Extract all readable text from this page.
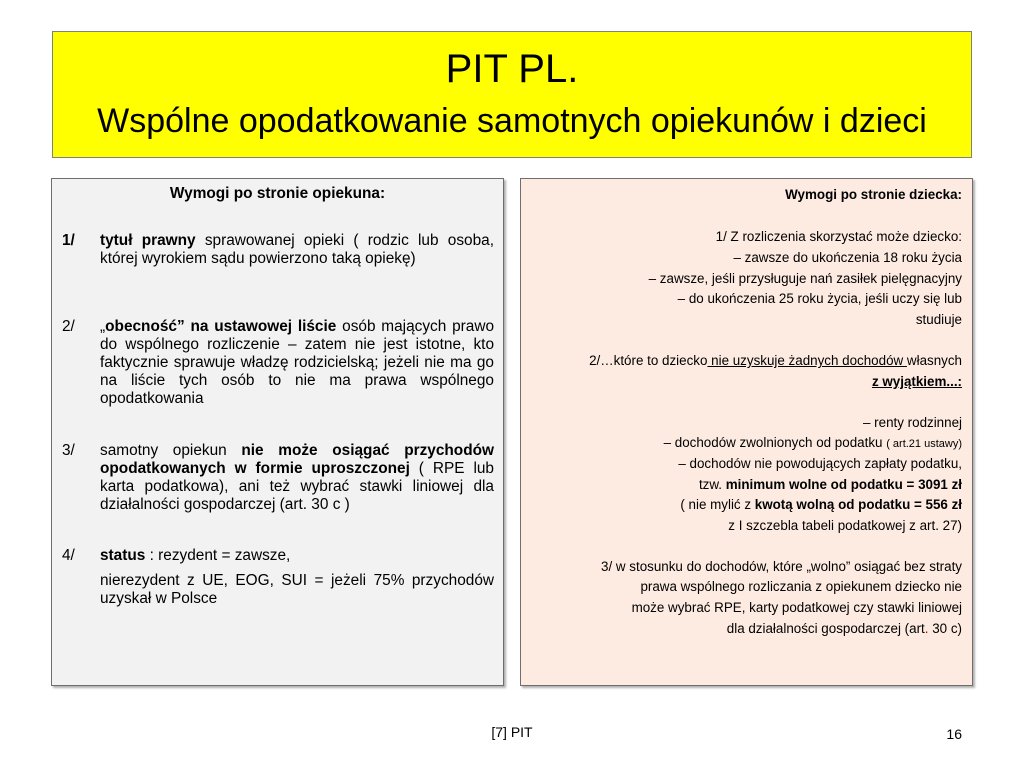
PIT PL.
Wspólne opodatkowanie samotnych opiekunów i dzieci
Wymogi po stronie opiekuna:
1/ tytuł prawny sprawowanej opieki ( rodzic lub osoba, której wyrokiem sądu powierzono taką opiekę)
2/ „obecność” na ustawowej liście osób mających prawo do wspólnego rozliczenie – zatem nie jest istotne, kto faktycznie sprawuje władzę rodzicielską; jeżeli nie ma go na liście tych osób to nie ma prawa wspólnego opodatkowania
3/ samotny opiekun nie może osiągać przychodów opodatkowanych w formie uproszczonej ( RPE lub karta podatkowa), ani też wybrać stawki liniowej dla działalności gospodarczej (art. 30 c )
4/ status : rezydent = zawsze,
nierezydent z UE, EOG, SUI = jeżeli 75% przychodów uzyskał w Polsce
Wymogi po stronie dziecka:
1/ Z rozliczenia skorzystać może dziecko:
– zawsze do ukończenia 18 roku życia
– zawsze, jeśli przysługuje nań zasiłek pielęgnacyjny
– do ukończenia 25 roku życia, jeśli uczy się lub
studiuje
2/…które to dziecko nie uzyskuje żadnych dochodów własnych
z wyjątkiem...:
– renty rodzinnej
– dochodów zwolnionych od podatku ( art.21 ustawy)
– dochodów nie powodujących zapłaty podatku,
tzw. minimum wolne od podatku = 3091 zł
( nie mylić z kwotą wolną od podatku = 556 zł
z I szczebla tabeli podatkowej z art. 27)
3/ w stosunku do dochodów, które „wolno” osiągać bez straty
prawa wspólnego rozliczania z opiekunem dziecko nie
może wybrać RPE, karty podatkowej czy stawki liniowej
dla działalności gospodarczej (art. 30 c)
[7] PIT	16
